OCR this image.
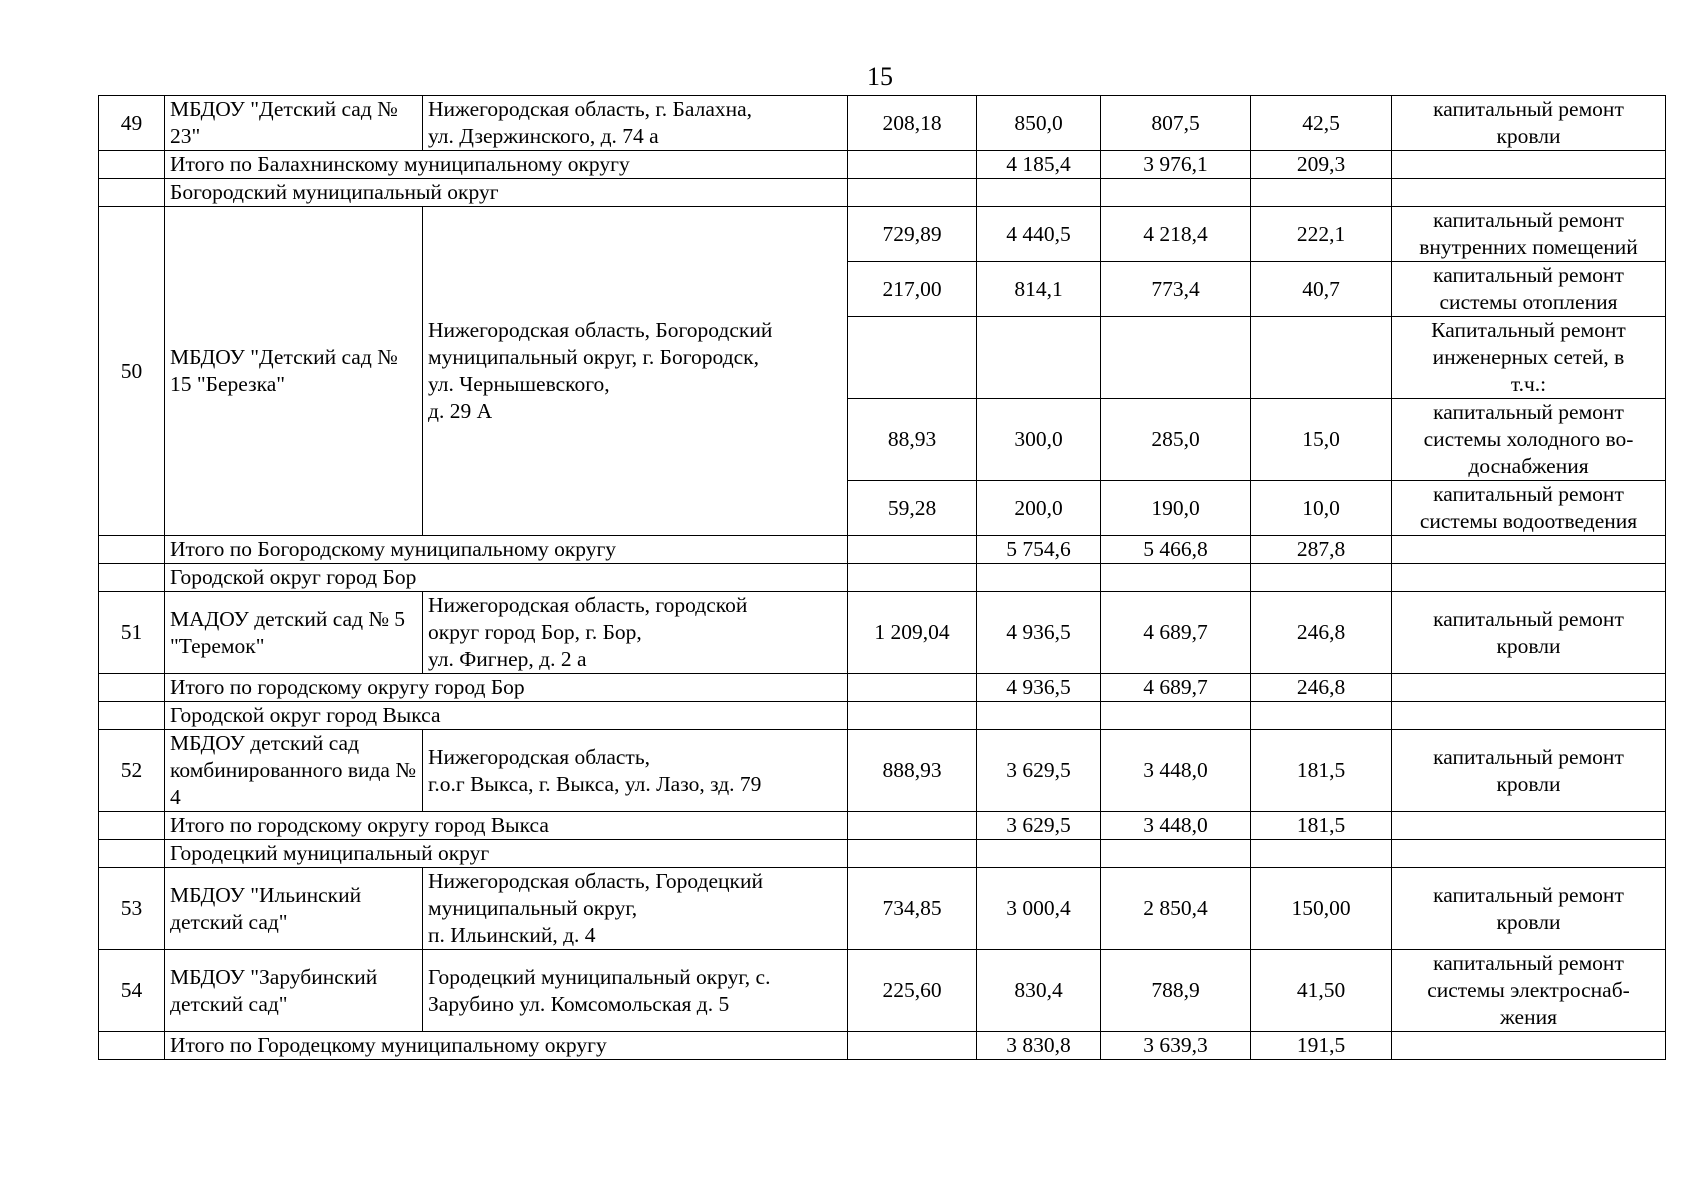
15
49	МБДОУ "Детский сад № 23"	Нижегородская область, г. Балахна,
ул. Дзержинского, д. 74 а	208,18	850,0	807,5	42,5	капитальный ремонт
кровли

	Итого по Балахнинскому муниципальному округу			4 185,4	3 976,1	209,3	
	Богородский муниципальный округ						
50	МБДОУ "Детский сад № 15 "Березка"	Нижегородская область, Богородский
муниципальный округ, г. Богородск,
ул. Чернышевского,
д. 29 А	729,89	4 440,5	4 218,4	222,1	капитальный ремонт
внутренних помещений

			217,00	814,1	773,4	40,7	капитальный ремонт
системы отопления

							Капитальный ремонт
инженерных сетей, в
т.ч.:

			88,93	300,0	285,0	15,0	капитальный ремонт
системы холодного во-
доснабжения

			59,28	200,0	190,0	10,0	капитальный ремонт
системы водоотведения

	Итого по Богородскому муниципальному округу			5 754,6	5 466,8	287,8	
	Городской округ город Бор						
51	МАДОУ детский сад № 5 "Теремок"	Нижегородская область, городской
округ город Бор, г. Бор,
ул. Фигнер, д. 2 а	1 209,04	4 936,5	4 689,7	246,8	капитальный ремонт
кровли

	Итого по городскому округу город Бор			4 936,5	4 689,7	246,8	
	Городской округ город Выкса						
52	МБДОУ детский сад комбинированного вида № 4	Нижегородская область,
г.о.г Выкса, г. Выкса, ул. Лазо, зд. 79	888,93	3 629,5	3 448,0	181,5	капитальный ремонт
кровли

	Итого по городскому округу город Выкса			3 629,5	3 448,0	181,5	
	Городецкий муниципальный округ						
53	МБДОУ "Ильинский детский сад"	Нижегородская область, Городецкий
муниципальный округ,
п. Ильинский, д. 4	734,85	3 000,4	2 850,4	150,00	капитальный ремонт
кровли

54	МБДОУ "Зарубинский детский сад"	Городецкий муниципальный округ, с.
Зарубино ул. Комсомольская д. 5	225,60	830,4	788,9	41,50	капитальный ремонт
системы электроснаб-
жения

	Итого по Городецкому муниципальному округу			3 830,8	3 639,3	191,5	
